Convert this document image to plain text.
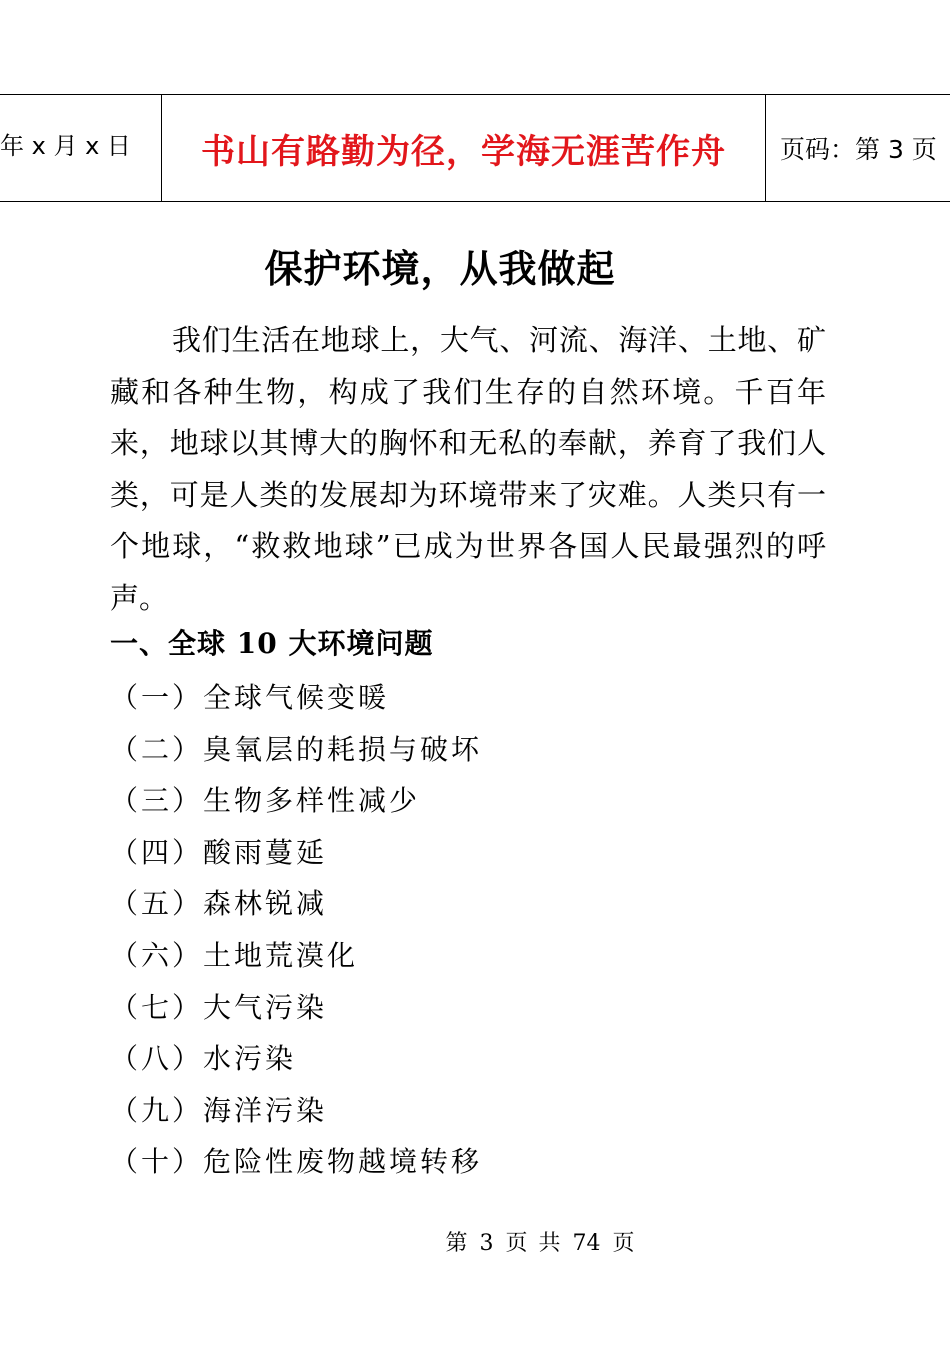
年 x 月 x 日	书山有路勤为径，学海无涯苦作舟	页码：第 3 页
保护环境，从我做起

我们生活在地球上，大气、河流、海洋、土地、矿藏和各种生物，构成了我们生存的自然环境。千百年来，地球以其博大的胸怀和无私的奉献，养育了我们人类，可是人类的发展却为环境带来了灾难。人类只有一个地球，“救救地球”已成为世界各国人民最强烈的呼声。

一、全球 10 大环境问题
（一）全球气候变暖
（二）臭氧层的耗损与破坏
（三）生物多样性减少
（四）酸雨蔓延
（五）森林锐减
（六）土地荒漠化
（七）大气污染
（八）水污染
（九）海洋污染
（十）危险性废物越境转移
第 3 页 共 74 页
